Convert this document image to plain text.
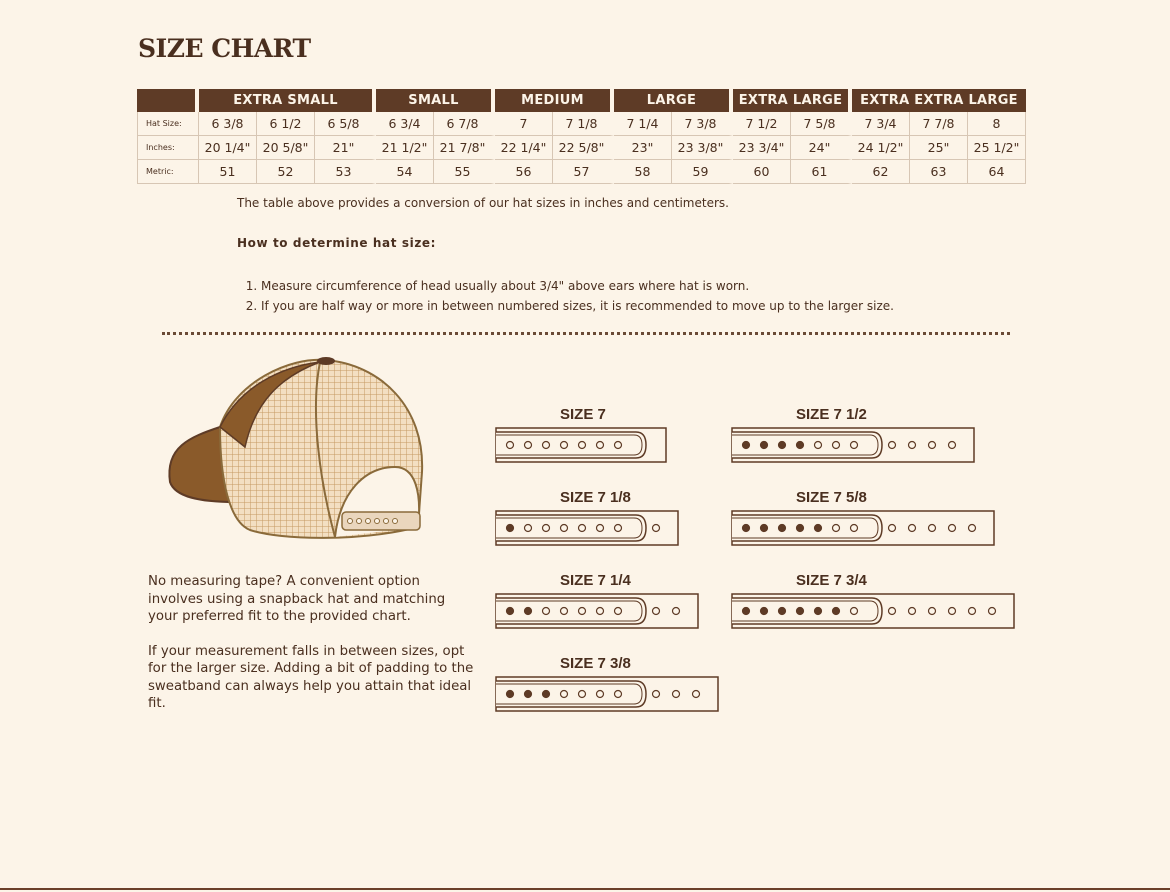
SIZE CHART
	EXTRA SMALL			SMALL		MEDIUM		LARGE		EXTRA LARGE		EXTRA EXTRA LARGE		
Hat Size:	6 3/8	6 1/2	6 5/8	6 3/4	6 7/8	7	7 1/8	7 1/4	7 3/8	7 1/2	7 5/8	7 3/4	7 7/8	8
Inches:	20 1/4"	20 5/8"	21"	21 1/2"	21 7/8"	22 1/4"	22 5/8"	23"	23 3/8"	23 3/4"	24"	24 1/2"	25"	25 1/2"
Metric:	51	52	53	54	55	56	57	58	59	60	61	62	63	64
The table above provides a conversion of our hat sizes in inches and centimeters.
How to determine hat size:
1. Measure circumference of head usually about 3/4" above ears where hat is worn.
2. If you are half way or more in between numbered sizes, it is recommended to move up to the larger size.

No measuring tape? A convenient option involves using a snapback hat and matching your preferred fit to the provided chart.

If your measurement falls in between sizes, opt for the larger size. Adding a bit of padding to the sweatband can always help you attain that ideal fit.

SIZE 7
SIZE 7 1/8
SIZE 7 1/4
SIZE 7 3/8
SIZE 7 1/2
SIZE 7 5/8
SIZE 7 3/4
